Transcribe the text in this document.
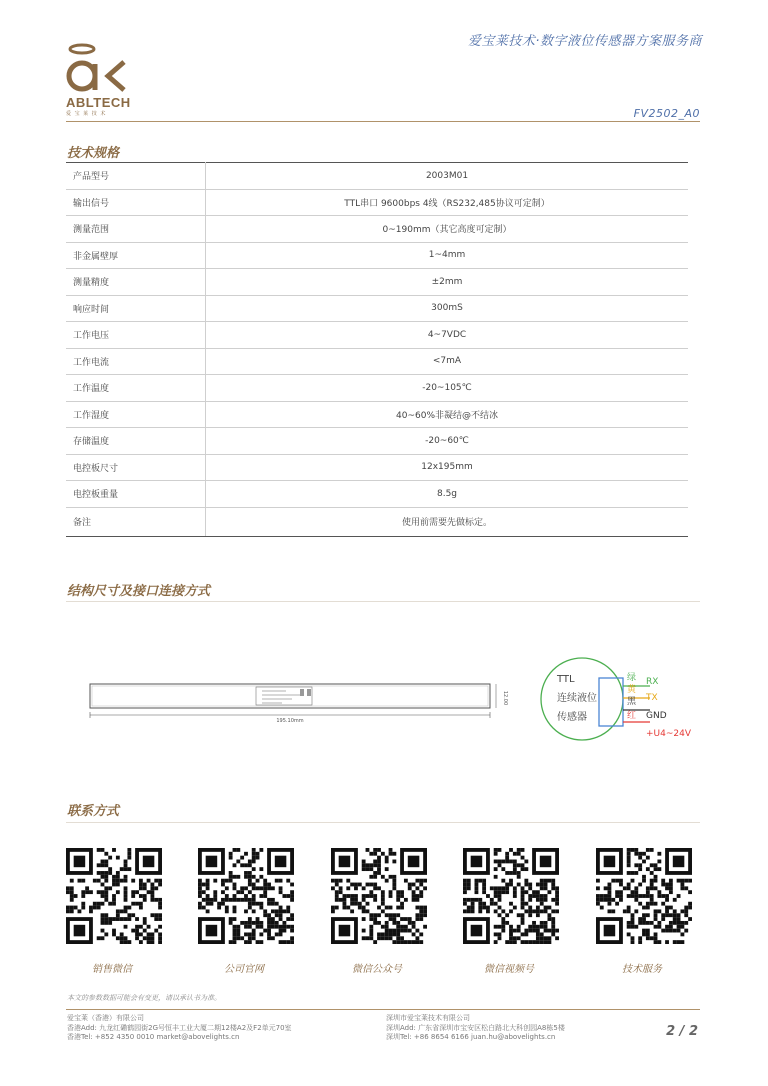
爱宝莱技术·数字液位传感器方案服务商
ABLTECH
爱 宝 莱 技 术	FV2502_A0
技术规格
产品型号	2003M01
输出信号	TTL串口 9600bps 4线（RS232,485协议可定制）
测量范围	0~190mm（其它高度可定制）
非金属壁厚	1~4mm
测量精度	±2mm
响应时间	300mS
工作电压	4~7VDC
工作电流	<7mA
工作温度	-20~105℃
工作湿度	40~60%非凝结@不结冰
存储温度	-20~60℃
电控板尺寸	12x195mm
电控板重量	8.5g
备注	使用前需要先做标定。
结构尺寸及接口连接方式
195.10mm
12.00
TTL
连续液位
传感器
绿
黄
黑
红
RX
TX
GND
+U4~24V
联系方式
销售微信	公司官网	微信公众号	微信视频号	技术服务
本文的参数数据可能会有变更，请以承认书为准。
爱宝莱（香港）有限公司
香港Add: 九龙红磡鹤园街2G号恒丰工业大厦二期12楼A2及F2单元70室
香港Tel: +852 4350 0010 market@abovelights.cn
深圳市爱宝莱技术有限公司
深圳Add: 广东省深圳市宝安区松白路北大科创园A8栋5楼
深圳Tel: +86 8654 6166 juan.hu@abovelights.cn	2 / 2
